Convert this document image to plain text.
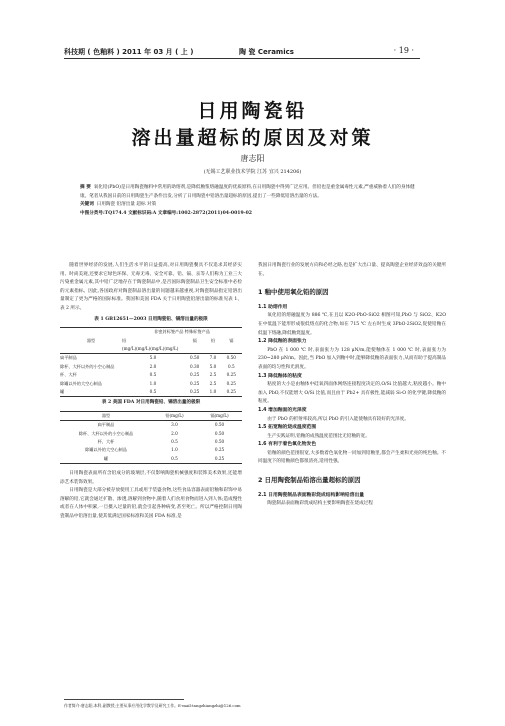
科技期 ( 色釉料 ) 2011 年 03 月 ( 上 )	陶 瓷 Ceramics	· 19 ·
日用陶瓷铅
溶出量超标的原因及对策
唐志阳
(无锡工艺职业技术学院 江苏 宜兴 214206)
摘 要 氧化铅(PbO)是日用陶瓷釉料中常用的助熔剂,是降低釉浆熔融温度的优质原料,在日用陶瓷中得到广泛应用。但铅也是重金属毒性元素,严重威胁着人们的身体健康。笔者从我国日前的日用陶瓷生产条件出发,分析了日用陶瓷中铅溶出量超标的原因,提出了一些降低铅溶出量的方法。
关键词 日用陶瓷 铅溶出量 超标 对策
中图分类号:TQ174.4 文献标识码:A 文章编号:1002-2872(2011)04-0019-02

随着世界经济的发展,人们生活水平的日益提高,对日用陶瓷餐具不仅追求其经济实用、时尚美观,还要求它绿色环保、无毒无毒、安全可靠。铅、镉、汞等人们称为工业三大污染重金属元素,其中铅广泛地存在于陶瓷制品中,是否国际陶瓷制品卫生安全标准中必检的元素指标。因此,各国政府对陶瓷制品溶出量的问题越来越重视,对陶瓷制品指定铅溶出量制定了更为严格的国际标准。我国和美国 FDA 关于日用陶瓷铅溶出量的标准见表 1、表 2 所示。

表 1 GB12651—2003 日用陶瓷铅、镉溶出量的极限
器型	非密封标签产品 特殊标签产品			
	铅	镉	铅	镉
	(mg/L)(mg/L)(mg/L)(mg/L)			
扁平制品	5.0	0.50	7.0	0.50
除杯、大杯以外的小空心制品	2.0	0.30	5.0	0.5
杯、大杯	0.5	0.25	2.5	0.25
除罐以外的大空心制品	1.0	0.25	2.5	0.25
罐	0.5	0.25	1.0	0.25
表 2 美国 FDA 对日用陶瓷铅、镉溶出量的极限
器型	铅(mg/L)	镉(mg/L)
扁平制品	3.0	0.50
除杯、大杯以外的小空心制品	2.0	0.50
杯、大杯	0.5	0.50
除罐以外的大空心制品	1.0	0.25
罐	0.5	0.25

日用陶瓷表面所有含铅成分的玻璃层,不仅影响陶瓷机械强度和装饰美术效果,还能增添艺术装饰效果。

日用陶瓷是大部分被存放使用工具或用于装盛食物,这些食品容器表面铅釉和彩饰中易溶解的铅,它就会通过扩散、渗透,溶解到食物中,随着人们食用食物而进入到人体;造成慢性或者在人体中积累,一旦摄入过量的铅,就会引起各种病变,甚至死亡。所以严格控制日用陶瓷制品中铅溶出量,使其低满足国家标准和美国 FDA 标准,是

我国日用陶瓷行业的发展方向和必经之路,也是扩大出口量、提高陶瓷企业经济效益的关键所在。

1 釉中使用氧化铅的原因
1.1 助熔作用

氧化铅的熔融温度为 886 ℃,在且以 K2O-PbO-SiO2 相图可知,PbO 与 SiO2、K2O 在中低温下能形形成很低熔点的化合物,如在 715 ℃ 左右时生成 3PbO·2SiO2,促使铅釉在低温下熔融,降低釉烧温度。

1.2 降低釉的表面张力

PbO 在 1 000 ℃ 时,表面张力为 128 μN/m,能使釉体在 1 000 ℃ 时,表面张力为 230~280 μN/m。因此,当 PbO 加入到釉中时,能够降低釉的表面张力,从而有助于提高制品表面的均匀性和光滑度。

1.3 降低釉体的粘度

粘度的大小是由釉体中硅氧四面体网络连接程度决定的,O/Si 比值越大,粘度越小。釉中加入 PbO,不仅能增大 O/Si 比值,而且由于 Pb2+ 具有极性,能减弱 Si-O 的化学键,降低釉的粘度。

1.4 增加釉面的光泽度

由于 PbO 的折射率较高,所以 PbO 的引入能使釉具有较好的光泽度。

1.5 拓宽釉的烧成温度范围

生产实践证明,铅釉的成熟温度范围比无铅釉的宽。

1.6 有利于着色氧化物发色

铅釉的颜色范围很宽,大多数着色氧化物一同加到铅釉里,都会产生柔和光亮的纯色釉。不同温度下的铅釉颜色都很清亮,适用性强。

2 日用陶瓷制品铅溶出量超标的原因
2.1 日用陶瓷制品表面釉彩烧成结构影响铅溶出量

陶瓷制品表面釉彩烧成结构主要影响陶瓷在烧成过程

作者简介:唐志阳,本科,副教授;主要从事应用化学教学及研究工作。E-mail:tangzhiangzhi@126.com
